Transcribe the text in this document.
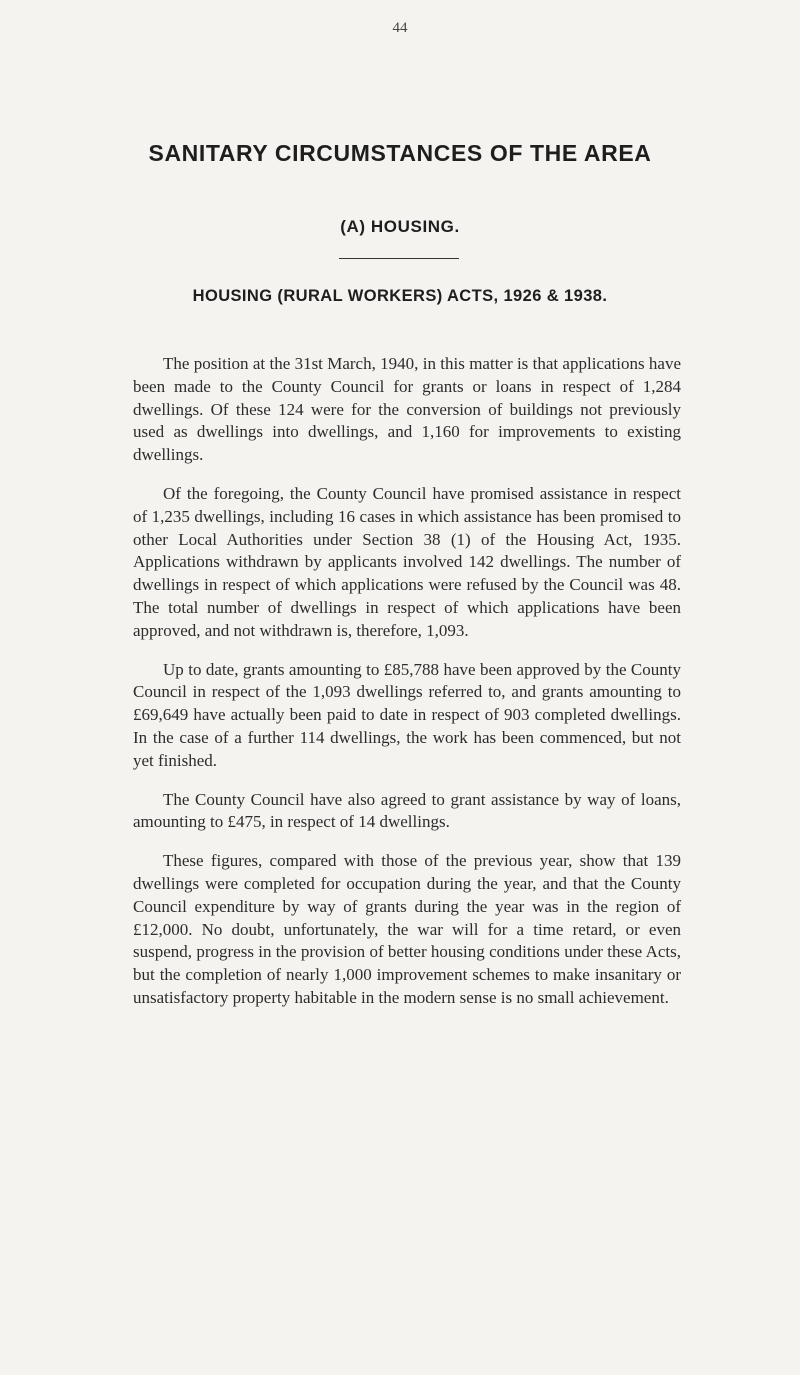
44
SANITARY CIRCUMSTANCES OF THE AREA
(A) HOUSING.
HOUSING (RURAL WORKERS) ACTS, 1926 & 1938.

The position at the 31st March, 1940, in this matter is that applications have been made to the County Council for grants or loans in respect of 1,284 dwellings. Of these 124 were for the conversion of buildings not previously used as dwellings into dwellings, and 1,160 for improvements to existing dwellings.

Of the foregoing, the County Council have promised assistance in respect of 1,235 dwellings, including 16 cases in which assistance has been promised to other Local Authorities under Section 38 (1) of the Housing Act, 1935. Applications withdrawn by applicants involved 142 dwellings. The number of dwellings in respect of which applications were refused by the Council was 48. The total number of dwellings in respect of which applications have been approved, and not withdrawn is, therefore, 1,093.

Up to date, grants amounting to £85,788 have been approved by the County Council in respect of the 1,093 dwellings referred to, and grants amounting to £69,649 have actually been paid to date in respect of 903 completed dwellings. In the case of a further 114 dwellings, the work has been commenced, but not yet finished.

The County Council have also agreed to grant assistance by way of loans, amounting to £475, in respect of 14 dwellings.

These figures, compared with those of the previous year, show that 139 dwellings were completed for occupation during the year, and that the County Council expenditure by way of grants during the year was in the region of £12,000. No doubt, unfortunately, the war will for a time retard, or even suspend, progress in the provision of better housing conditions under these Acts, but the completion of nearly 1,000 improvement schemes to make insanitary or unsatisfactory property habitable in the modern sense is no small achievement.
